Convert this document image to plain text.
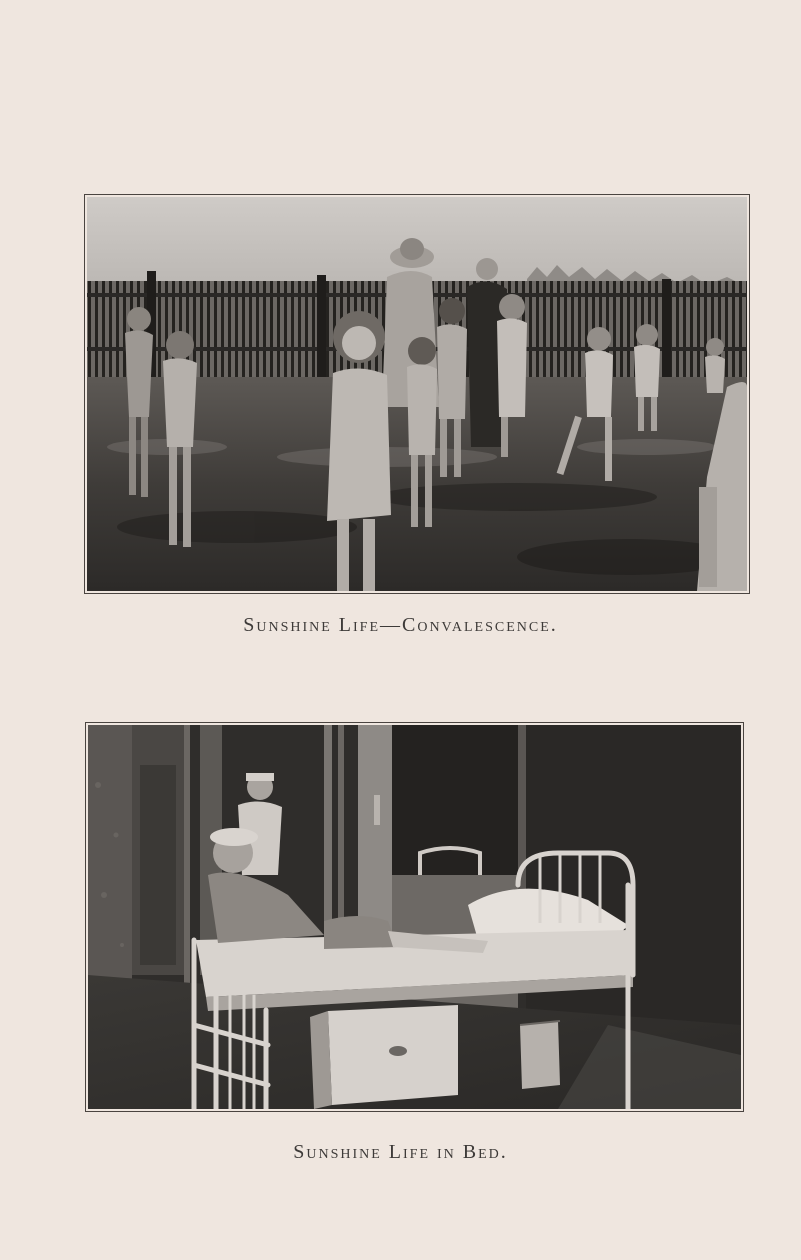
Sunshine Life—Convalescence.
Sunshine Life in Bed.
